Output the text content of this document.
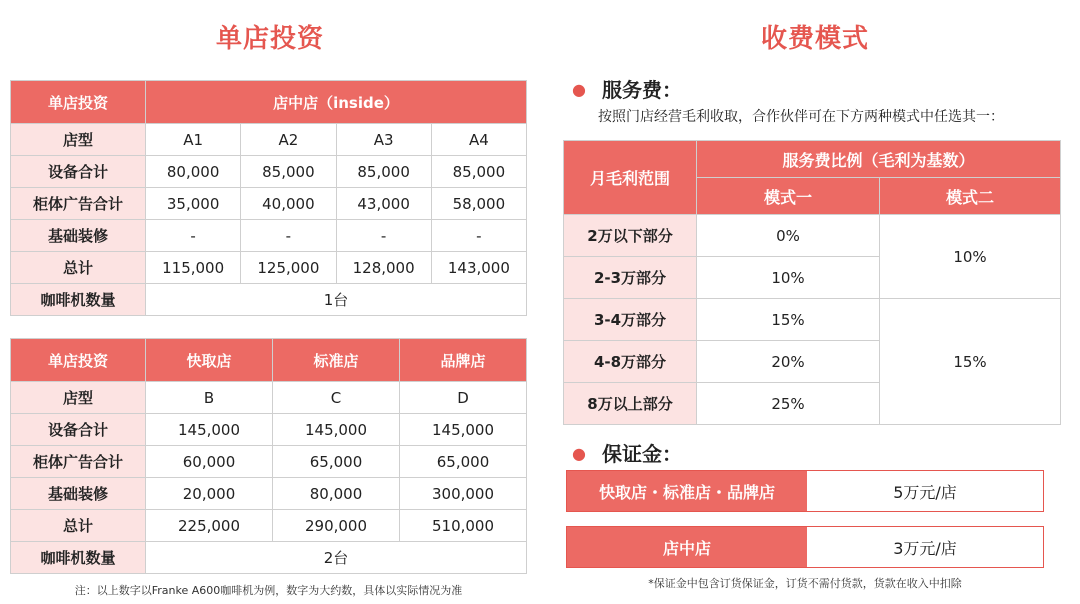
单店投资	收费模式
单店投资	店中店（inside）			
店型	A1	A2	A3	A4
设备合计	80,000	85,000	85,000	85,000
柜体广告合计	35,000	40,000	43,000	58,000
基础装修	-	-	-	-
总计	115,000	125,000	128,000	143,000
咖啡机数量	1台			
单店投资	快取店	标准店	品牌店
店型	B	C	D
设备合计	145,000	145,000	145,000
柜体广告合计	60,000	65,000	65,000
基础装修	20,000	80,000	300,000
总计	225,000	290,000	510,000
咖啡机数量	2台		
注：以上数字以Franke A600咖啡机为例，数字为大约数，具体以实际情况为准
● 服务费：
按照门店经营毛利收取，合作伙伴可在下方两种模式中任选其一：
月毛利范围	服务费比例（毛利为基数）	
	模式一	模式二
2万以下部分	0%	10%
2-3万部分	10%	
3-4万部分	15%	15%
4-8万部分	20%	
8万以上部分	25%	
● 保证金：
快取店・标准店・品牌店	5万元/店
店中店	3万元/店
*保证金中包含订货保证金，订货不需付货款，货款在收入中扣除
